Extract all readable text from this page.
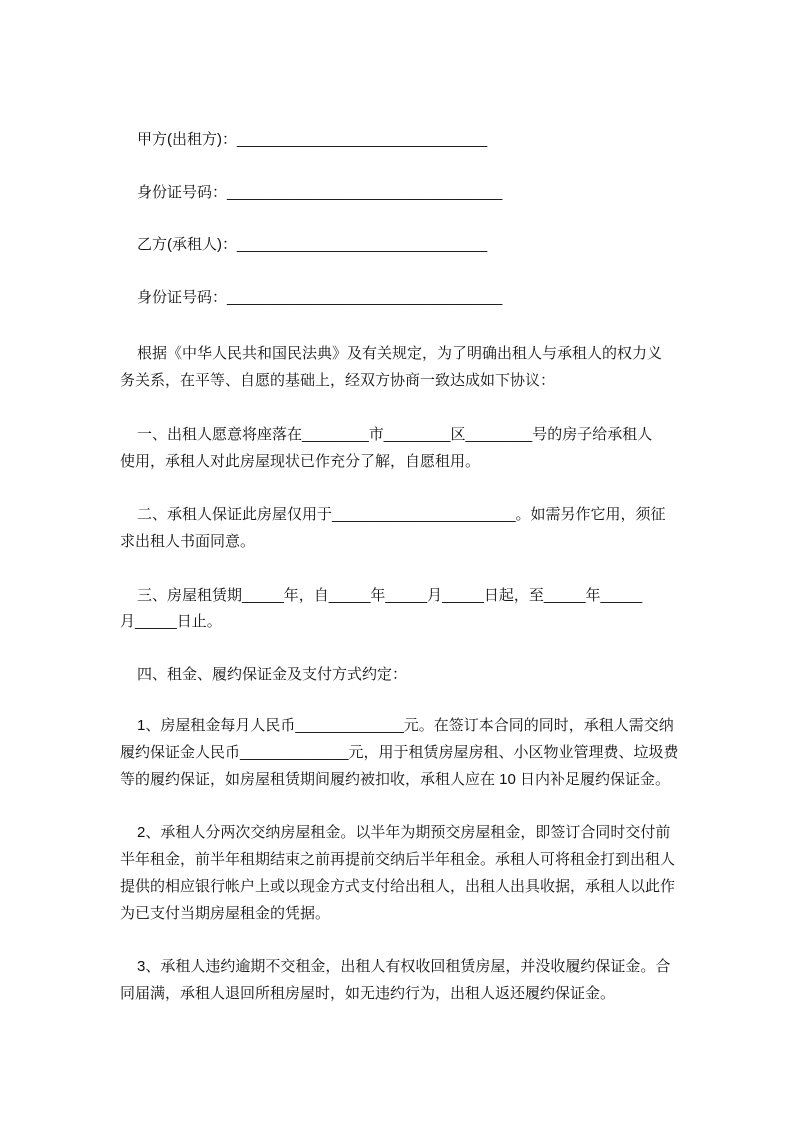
甲方(出租方)：______________________________
身份证号码：_________________________________
乙方(承租人)：______________________________
身份证号码：_________________________________
根据《中华人民共和国民法典》及有关规定，为了明确出租人与承租人的权力义
务关系，在平等、自愿的基础上，经双方协商一致达成如下协议：
一、出租人愿意将座落在________市________区________号的房子给承租人
使用，承租人对此房屋现状已作充分了解，自愿租用。
二、承租人保证此房屋仅用于______________________。如需另作它用，须征
求出租人书面同意。
三、房屋租赁期_____年，自_____年_____月_____日起，至_____年_____
月_____日止。
四、租金、履约保证金及支付方式约定：
1、房屋租金每月人民币_____________元。在签订本合同的同时，承租人需交纳
履约保证金人民币_____________元，用于租赁房屋房租、小区物业管理费、垃圾费
等的履约保证，如房屋租赁期间履约被扣收，承租人应在 10 日内补足履约保证金。
2、承租人分两次交纳房屋租金。以半年为期预交房屋租金，即签订合同时交付前
半年租金，前半年租期结束之前再提前交纳后半年租金。承租人可将租金打到出租人
提供的相应银行帐户上或以现金方式支付给出租人，出租人出具收据，承租人以此作
为已支付当期房屋租金的凭据。
3、承租人违约逾期不交租金，出租人有权收回租赁房屋，并没收履约保证金。合
同届满，承租人退回所租房屋时，如无违约行为，出租人返还履约保证金。
